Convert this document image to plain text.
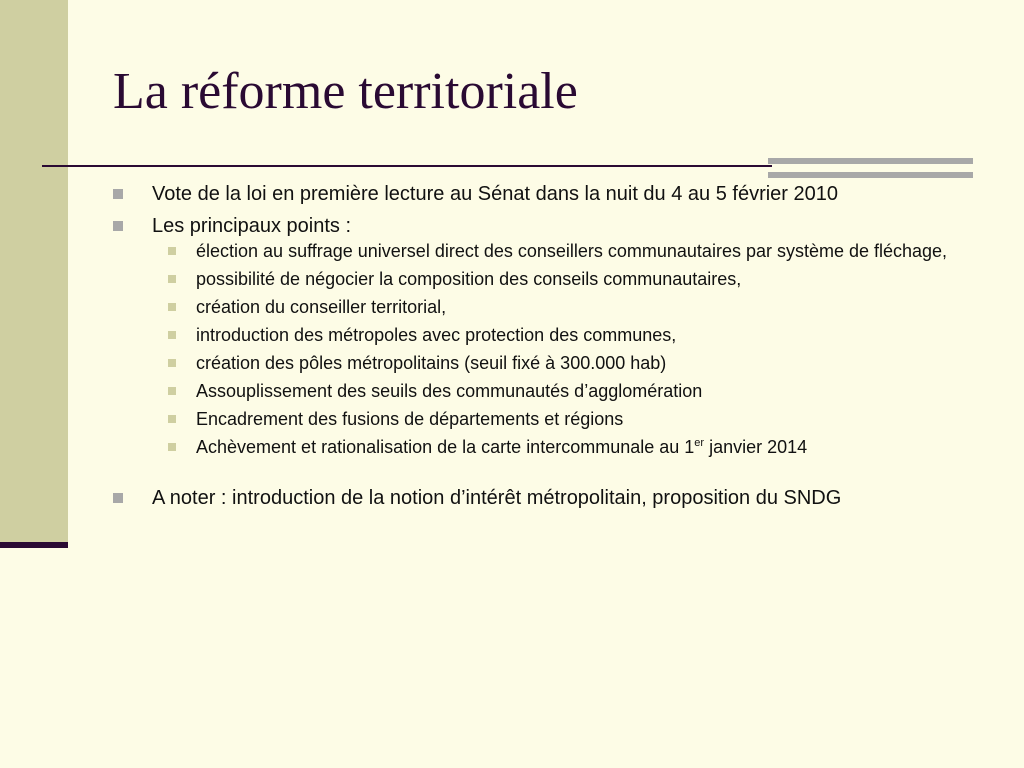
La réforme territoriale
Vote de la loi en première lecture au Sénat dans la nuit du 4 au 5 février 2010
Les principaux points :
élection au suffrage universel direct des conseillers communautaires par système de fléchage,
possibilité de négocier la composition des conseils communautaires,
création du conseiller territorial,
introduction des métropoles avec protection des communes,
création des pôles métropolitains (seuil fixé à 300.000 hab)
Assouplissement des seuils des communautés d’agglomération
Encadrement des fusions de départements et régions
Achèvement et rationalisation de la carte intercommunale au 1er janvier 2014
A noter : introduction de la notion d’intérêt métropolitain, proposition du SNDG
